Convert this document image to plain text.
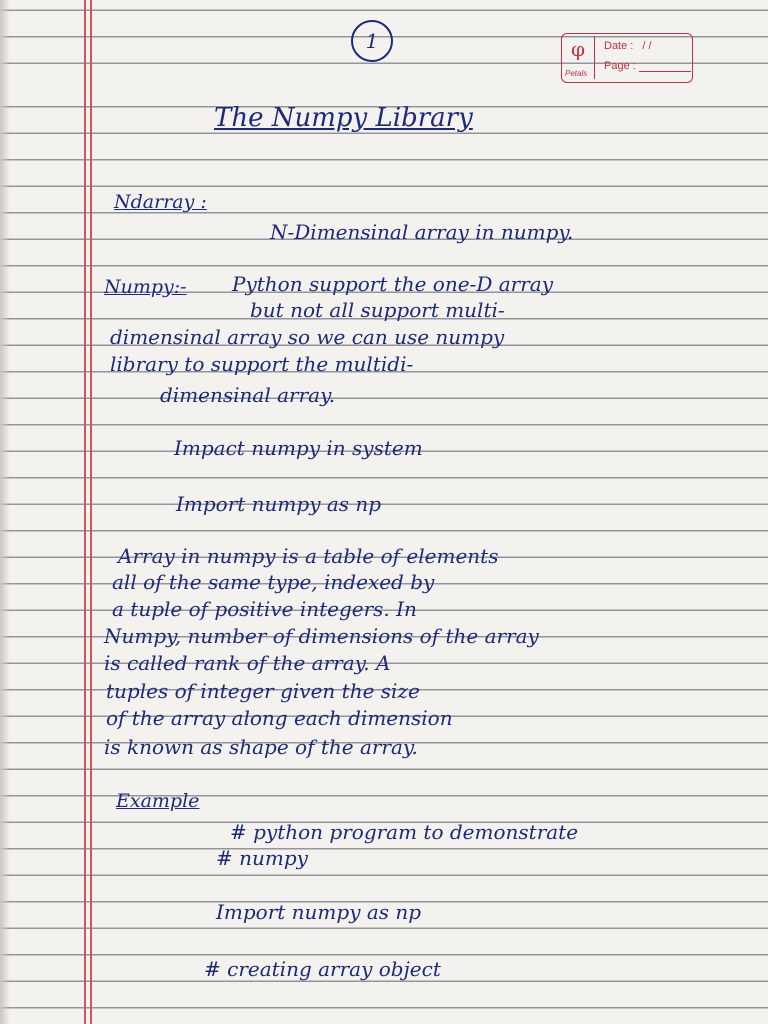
1	φ
Petals
Date : / /
Page :
The Numpy Library
Ndarray :
N-Dimensinal array in numpy.
Numpy:- Python support the one-D array
but not all support multi-
dimensinal array so we can use numpy
library to support the multidi-
dimensinal array.
Impact numpy in system
Import numpy as np
Array in numpy is a table of elements
all of the same type, indexed by
a tuple of positive integers. In
Numpy, number of dimensions of the array
is called rank of the array. A
tuples of integer given the size
of the array along each dimension
is known as shape of the array.
Example
# python program to demonstrate
# numpy
Import numpy as np
# creating array object
